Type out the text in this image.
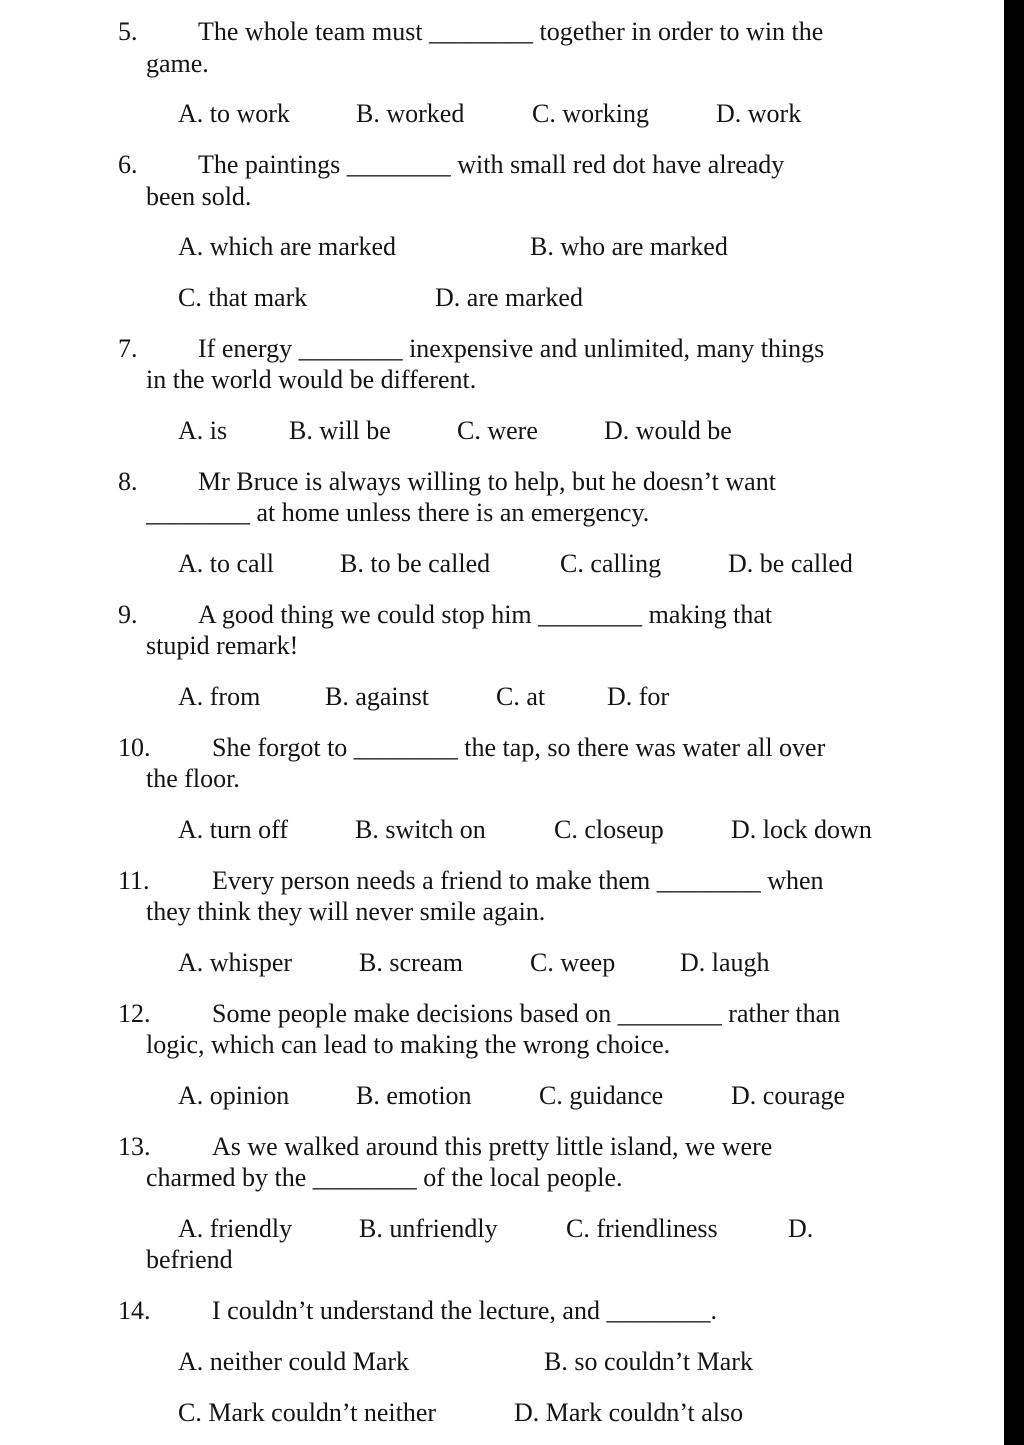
5. The whole team must ________ together in order to win the
game.
A. to work	B. worked	C. working	D. work
6. The paintings ________ with small red dot have already
been sold.
A. which are marked	B. who are marked
C. that mark	D. are marked
7. If energy ________ inexpensive and unlimited, many things
in the world would be different.
A. is B. will be	C. were	D. would be
8. Mr Bruce is always willing to help, but he doesn’t want
________ at home unless there is an emergency.
A. to call	B. to be called	C. calling	D. be called
9. A good thing we could stop him ________ making that
stupid remark!
A. from B. against	C. at D. for
10. She forgot to ________ the tap, so there was water all over
the floor.
A. turn off	B. switch on	C. closeup	D. lock down
11. Every person needs a friend to make them ________ when
they think they will never smile again.
A. whisper	B. scream	C. weep D. laugh
12. Some people make decisions based on ________ rather than
logic, which can lead to making the wrong choice.
A. opinion	B. emotion	C. guidance	D. courage
13. As we walked around this pretty little island, we were
charmed by the ________ of the local people.
A. friendly	B. unfriendly	C. friendliness	D.
befriend
14. I couldn’t understand the lecture, and ________.
A. neither could Mark	B. so couldn’t Mark
C. Mark couldn’t neither	D. Mark couldn’t also
